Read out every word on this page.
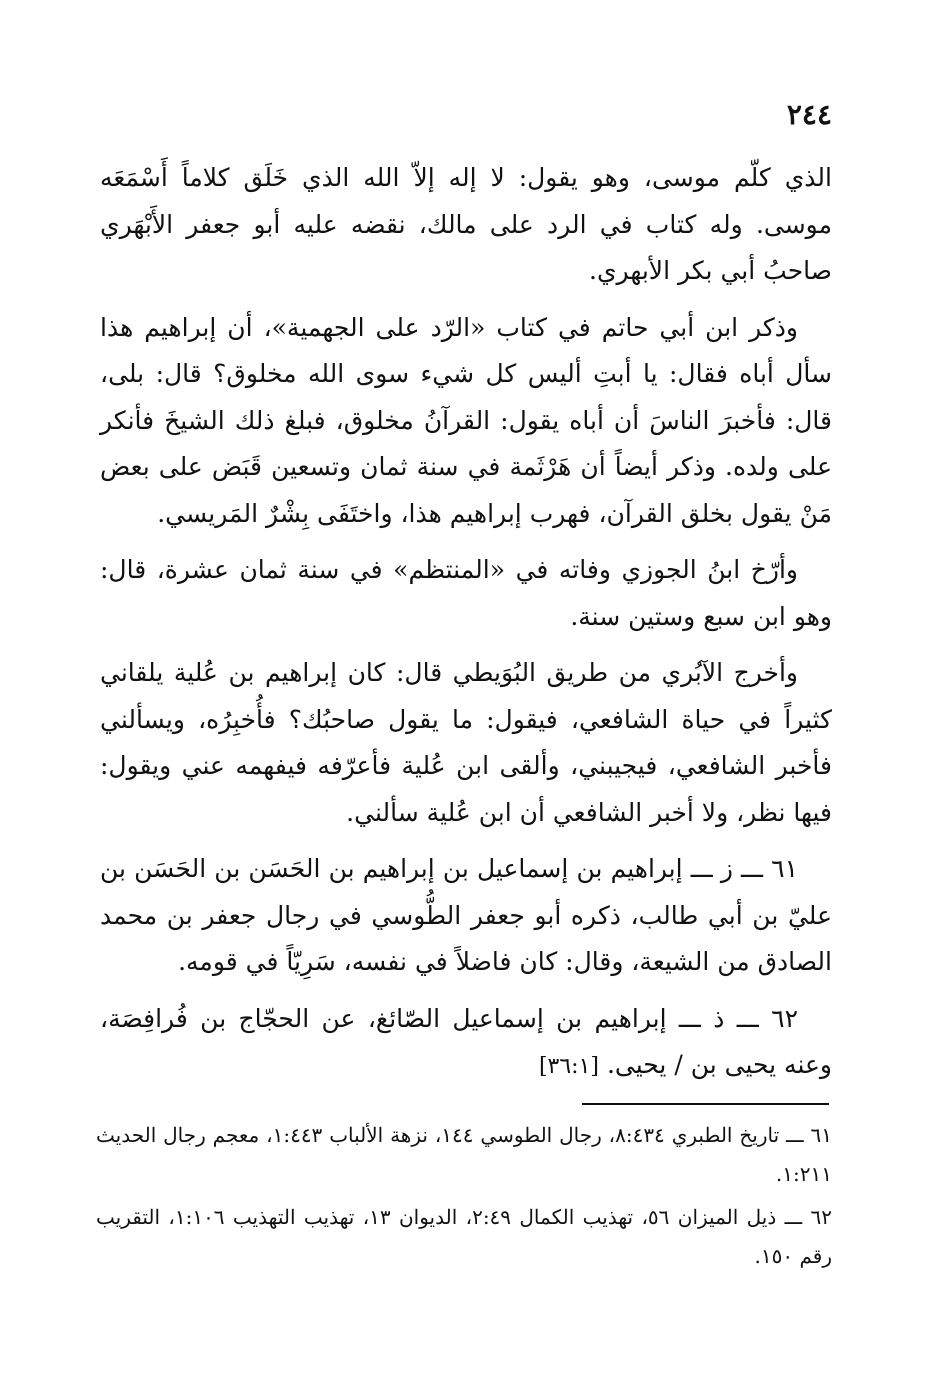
٢٤٤

الذي كلّم موسى، وهو يقول: لا إله إلاّ الله الذي خَلَق كلاماً أَسْمَعَه موسى. وله كتاب في الرد على مالك، نقضه عليه أبو جعفر الأَبْهَري صاحبُ أبي بكر الأبهري.

وذكر ابن أبي حاتم في كتاب «الرّد على الجهمية»، أن إبراهيم هذا سأل أباه فقال: يا أبتِ أليس كل شيء سوى الله مخلوق؟ قال: بلى، قال: فأخبرَ الناسَ أن أباه يقول: القرآنُ مخلوق، فبلغ ذلك الشيخَ فأنكر على ولده. وذكر أيضاً أن هَرْثَمة في سنة ثمان وتسعين قَبَض على بعض مَنْ يقول بخلق القرآن، فهرب إبراهيم هذا، واختَفَى بِشْرٌ المَريسي.

وأرّخ ابنُ الجوزي وفاته في «المنتظم» في سنة ثمان عشرة، قال: وهو ابن سبع وستين سنة.

وأخرج الآبُري من طريق البُوَيطي قال: كان إبراهيم بن عُلية يلقاني كثيراً في حياة الشافعي، فيقول: ما يقول صاحبُك؟ فأُخبِرُه، ويسألني فأخبر الشافعي، فيجيبني، وألقى ابن عُلية فأعرّفه فيفهمه عني ويقول: فيها نظر، ولا أخبر الشافعي أن ابن عُلية سألني.

٦١ ـــ ز ـــ إبراهيم بن إسماعيل بن إبراهيم بن الحَسَن بن الحَسَن بن عليّ بن أبي طالب، ذكره أبو جعفر الطُّوسي في رجال جعفر بن محمد الصادق من الشيعة، وقال: كان فاضلاً في نفسه، سَرِيّاً في قومه.

٦٢ ـــ ذ ـــ إبراهيم بن إسماعيل الصّائغ، عن الحجّاج بن فُرافِصَة، وعنه يحيى بن / يحيى. [٣٦:١]

٦١ ـــ تاريخ الطبري ٨:٤٣٤، رجال الطوسي ١٤٤، نزهة الألباب ١:٤٤٣، معجم رجال الحديث ١:٢١١.

٦٢ ـــ ذيل الميزان ٥٦، تهذيب الكمال ٢:٤٩، الديوان ١٣، تهذيب التهذيب ١:١٠٦، التقريب رقم ١٥٠.
